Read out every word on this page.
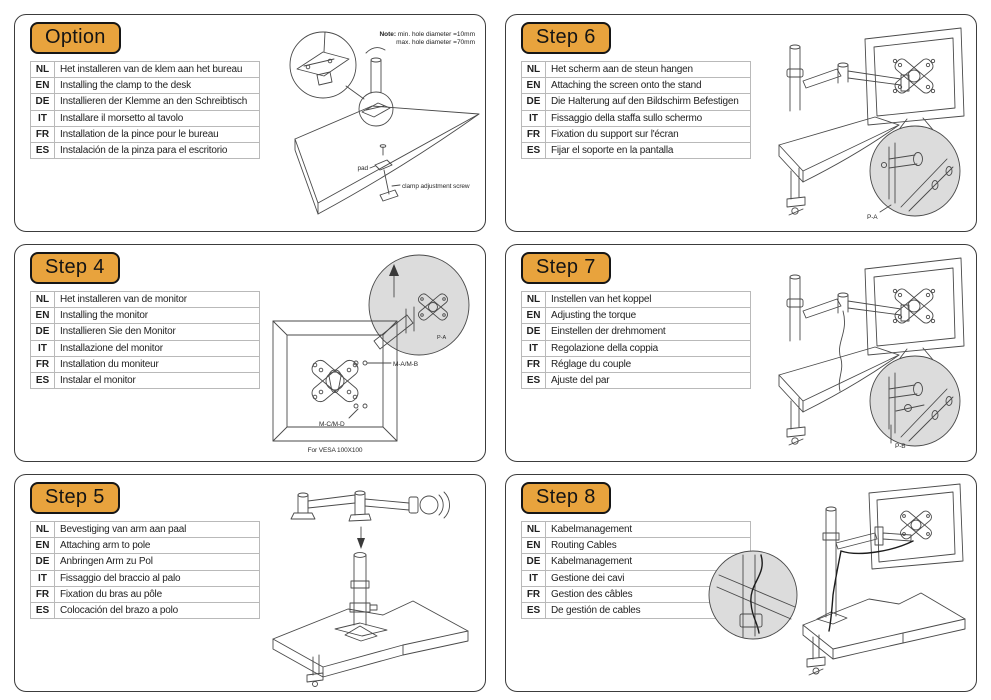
Option
NL	Het installeren van de klem aan het bureau
EN	Installing the clamp to the desk
DE	Installieren der Klemme an den Schreibtisch
IT	Installare il morsetto al tavolo
FR	Installation de la pince pour le bureau
ES	Instalación de la pinza para el escritorio
Note: min. hole diameter =10mm
max. hole diameter =70mm
pad
clamp adjustment screw
Step 6
NL	Het scherm aan de steun hangen
EN	Attaching the screen onto the stand
DE	Die Halterung auf den Bildschirm Befestigen
IT	Fissaggio della staffa sullo schermo
FR	Fixation du support sur l'écran
ES	Fijar el soporte en la pantalla
P-A
Step 4
NL	Het installeren van de monitor
EN	Installing the monitor
DE	Installieren Sie den Monitor
IT	Installazione del monitor
FR	Installation du moniteur
ES	Instalar el monitor
P-A
M-A/M-B
M-C/M-D
For VESA 100X100
Step 7
NL	Instellen van het koppel
EN	Adjusting the torque
DE	Einstellen der drehmoment
IT	Regolazione della coppia
FR	Réglage du couple
ES	Ajuste del par
P-B
Step 5
NL	Bevestiging van arm aan paal
EN	Attaching arm to pole
DE	Anbringen Arm zu Pol
IT	Fissaggio del braccio al palo
FR	Fixation du bras au pôle
ES	Colocación del brazo a polo
Step 8
NL	Kabelmanagement
EN	Routing Cables
DE	Kabelmanagement
IT	Gestione dei cavi
FR	Gestion des câbles
ES	De gestión de cables
